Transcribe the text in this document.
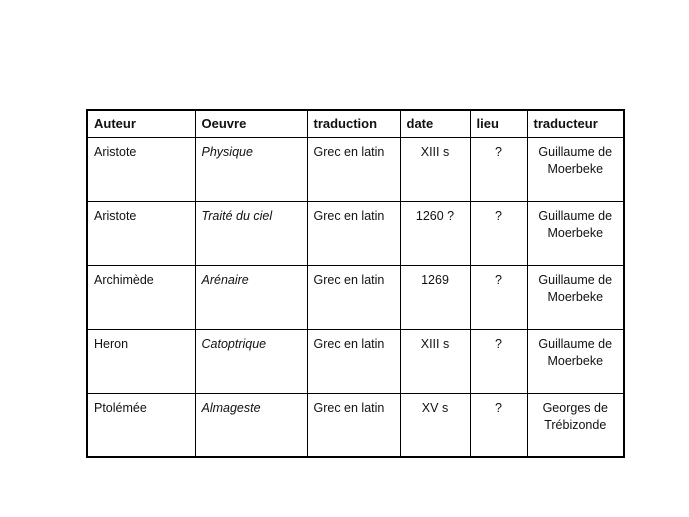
Auteur	Oeuvre	traduction	date	lieu	traducteur
Aristote	Physique	Grec en latin	XIII s	?	Guillaume de Moerbeke
Aristote	Traité du ciel	Grec en latin	1260 ?	?	Guillaume de Moerbeke
Archimède	Arénaire	Grec en latin	1269	?	Guillaume de Moerbeke
Heron	Catoptrique	Grec en latin	XIII s	?	Guillaume de Moerbeke
Ptolémée	Almageste	Grec en latin	XV s	?	Georges de Trébizonde
